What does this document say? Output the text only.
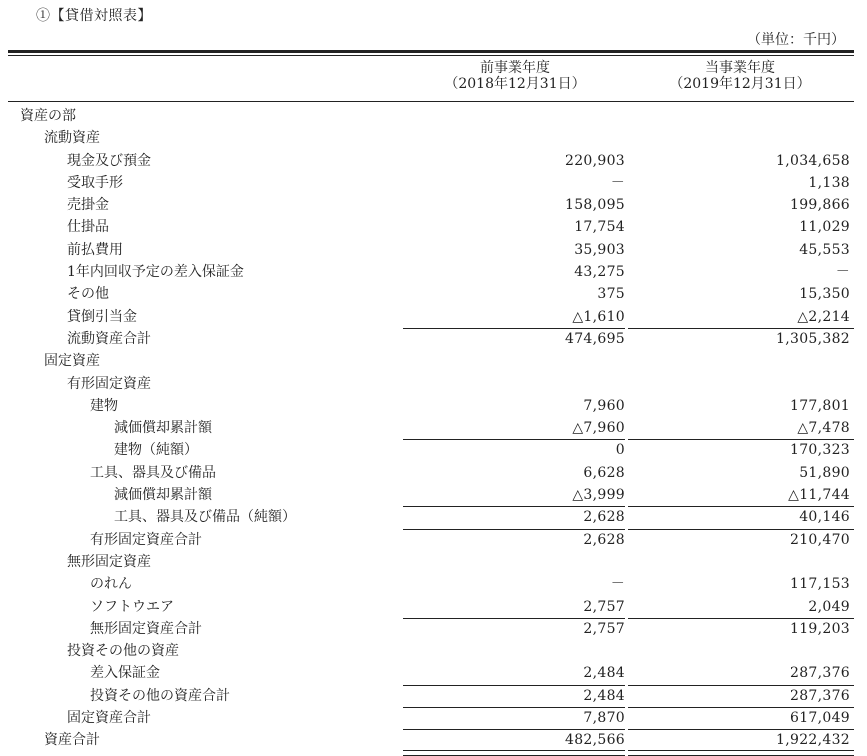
①【貸借対照表】
（単位：千円）
前事業年度
（2018年12月31日）
当事業年度
（2019年12月31日）
資産の部
流動資産
現金及び預金	220,903	1,034,658
受取手形	－	1,138
売掛金	158,095	199,866
仕掛品	17,754	11,029
前払費用	35,903	45,553
1年内回収予定の差入保証金	43,275	－
その他	375	15,350
貸倒引当金	△1,610	△2,214
流動資産合計	474,695	1,305,382
固定資産
有形固定資産
建物	7,960	177,801
減価償却累計額	△7,960	△7,478
建物（純額）	0	170,323
工具、器具及び備品	6,628	51,890
減価償却累計額	△3,999	△11,744
工具、器具及び備品（純額）	2,628	40,146
有形固定資産合計	2,628	210,470
無形固定資産
のれん	－	117,153
ソフトウエア	2,757	2,049
無形固定資産合計	2,757	119,203
投資その他の資産
差入保証金	2,484	287,376
投資その他の資産合計	2,484	287,376
固定資産合計	7,870	617,049
資産合計	482,566	1,922,432
